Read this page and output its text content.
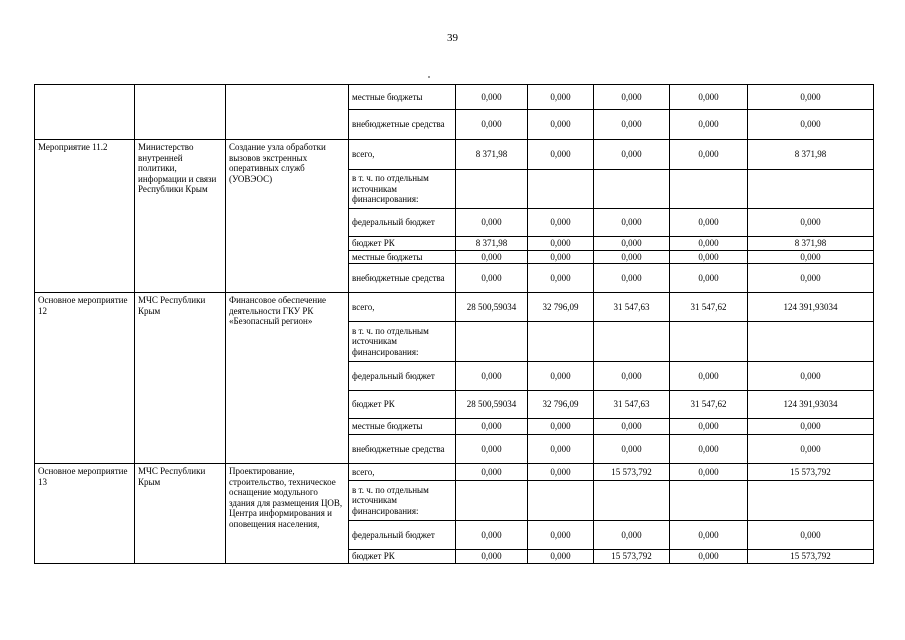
39
			местные бюджеты	0,000	0,000	0,000	0,000	0,000
			внебюджетные средства	0,000	0,000	0,000	0,000	0,000
Мероприятие 11.2	Министерство внутренней политики, информации и связи Республики Крым	Создание узла обработки вызовов экстренных оперативных служб (УОВЭОС)	всего,	8 371,98	0,000	0,000	0,000	8 371,98
			в т. ч. по отдельным источникам финансирования:					
			федеральный бюджет	0,000	0,000	0,000	0,000	0,000
			бюджет РК	8 371,98	0,000	0,000	0,000	8 371,98
			местные бюджеты	0,000	0,000	0,000	0,000	0,000
			внебюджетные средства	0,000	0,000	0,000	0,000	0,000
Основное мероприятие 12	МЧС Республики Крым	Финансовое обеспечение деятельности ГКУ РК «Безопасный регион»	всего,	28 500,59034	32 796,09	31 547,63	31 547,62	124 391,93034
			в т. ч. по отдельным источникам финансирования:					
			федеральный бюджет	0,000	0,000	0,000	0,000	0,000
			бюджет РК	28 500,59034	32 796,09	31 547,63	31 547,62	124 391,93034
			местные бюджеты	0,000	0,000	0,000	0,000	0,000
			внебюджетные средства	0,000	0,000	0,000	0,000	0,000
Основное мероприятие 13	МЧС Республики Крым	Проектирование, строительство, техническое оснащение модульного здания для размещения ЦОВ, Центра информирования и оповещения населения,	всего,	0,000	0,000	15 573,792	0,000	15 573,792
			в т. ч. по отдельным источникам финансирования:					
			федеральный бюджет	0,000	0,000	0,000	0,000	0,000
			бюджет РК	0,000	0,000	15 573,792	0,000	15 573,792
